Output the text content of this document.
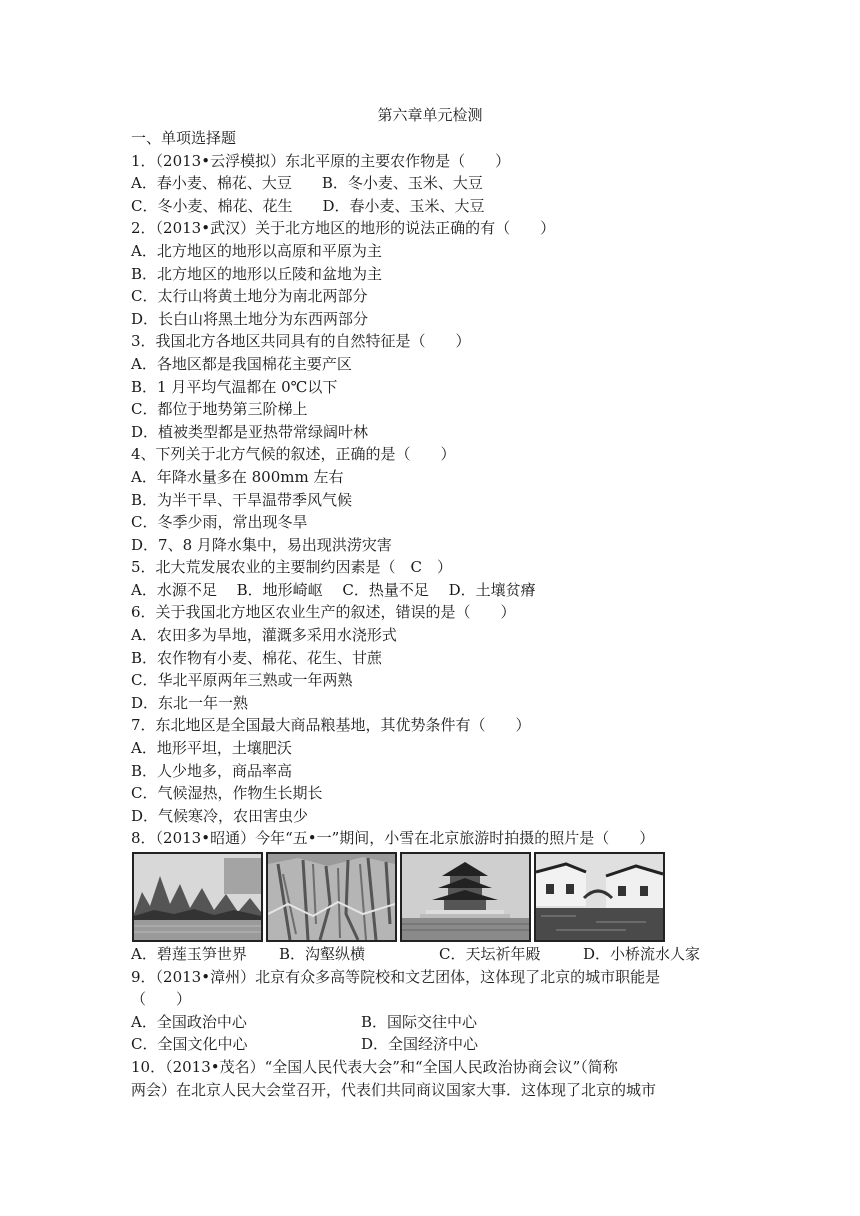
第六章单元检测
一、单项选择题
1．（2013•云浮模拟）东北平原的主要农作物是（　　）
A．春小麦、棉花、大豆　　B．冬小麦、玉米、大豆
C．冬小麦、棉花、花生　　D．春小麦、玉米、大豆
2．（2013•武汉）关于北方地区的地形的说法正确的有（　　）
A．北方地区的地形以高原和平原为主
B．北方地区的地形以丘陵和盆地为主
C．太行山将黄土地分为南北两部分
D．长白山将黑土地分为东西两部分
3．我国北方各地区共同具有的自然特征是（　　）
A．各地区都是我国棉花主要产区
B．1 月平均气温都在 0℃以下
C．都位于地势第三阶梯上
D．植被类型都是亚热带常绿阔叶林
4、下列关于北方气候的叙述，正确的是（　　）
A．年降水量多在 800mm 左右
B．为半干旱、干旱温带季风气候
C．冬季少雨，常出现冬旱
D．7、8 月降水集中，易出现洪涝灾害
5．北大荒发展农业的主要制约因素是（　C　）
A．水源不足　 B．地形崎岖　 C．热量不足　 D．土壤贫瘠
6．关于我国北方地区农业生产的叙述，错误的是（　　）
A．农田多为旱地，灌溉多采用水浇形式
B．农作物有小麦、棉花、花生、甘蔗
C．华北平原两年三熟或一年两熟
D．东北一年一熟
7．东北地区是全国最大商品粮基地，其优势条件有（　　）
A．地形平坦，土壤肥沃
B．人少地多，商品率高
C．气候湿热，作物生长期长
D．气候寒冷，农田害虫少
8．（2013•昭通）今年“五•一”期间，小雪在北京旅游时拍摄的照片是（　　）
A．碧莲玉笋世界	B．沟壑纵横	C．天坛祈年殿	D．小桥流水人家
9．（2013•漳州）北京有众多高等院校和文艺团体，这体现了北京的城市职能是
（　　）
A．全国政治中心	B．国际交往中心
C．全国文化中心	D．全国经济中心
10．（2013•茂名）“全国人民代表大会”和“全国人民政治协商会议”（简称
两会）在北京人民大会堂召开，代表们共同商议国家大事．这体现了北京的城市
